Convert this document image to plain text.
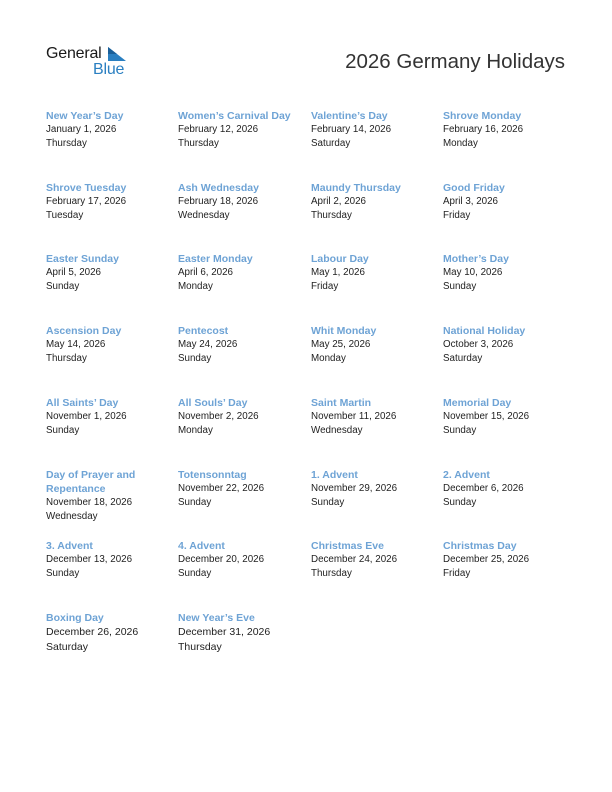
General
Blue	2026 Germany Holidays
New Year’s Day
January 1, 2026
Thursday
Women’s Carnival Day
February 12, 2026
Thursday
Valentine’s Day
February 14, 2026
Saturday
Shrove Monday
February 16, 2026
Monday
Shrove Tuesday
February 17, 2026
Tuesday
Ash Wednesday
February 18, 2026
Wednesday
Maundy Thursday
April 2, 2026
Thursday
Good Friday
April 3, 2026
Friday
Easter Sunday
April 5, 2026
Sunday
Easter Monday
April 6, 2026
Monday
Labour Day
May 1, 2026
Friday
Mother’s Day
May 10, 2026
Sunday
Ascension Day
May 14, 2026
Thursday
Pentecost
May 24, 2026
Sunday
Whit Monday
May 25, 2026
Monday
National Holiday
October 3, 2026
Saturday
All Saints’ Day
November 1, 2026
Sunday
All Souls’ Day
November 2, 2026
Monday
Saint Martin
November 11, 2026
Wednesday
Memorial Day
November 15, 2026
Sunday
Day of Prayer and Repentance
November 18, 2026
Wednesday
Totensonntag
November 22, 2026
Sunday
1. Advent
November 29, 2026
Sunday
2. Advent
December 6, 2026
Sunday
3. Advent
December 13, 2026
Sunday
4. Advent
December 20, 2026
Sunday
Christmas Eve
December 24, 2026
Thursday
Christmas Day
December 25, 2026
Friday
Boxing Day
December 26, 2026
Saturday
New Year’s Eve
December 31, 2026
Thursday
